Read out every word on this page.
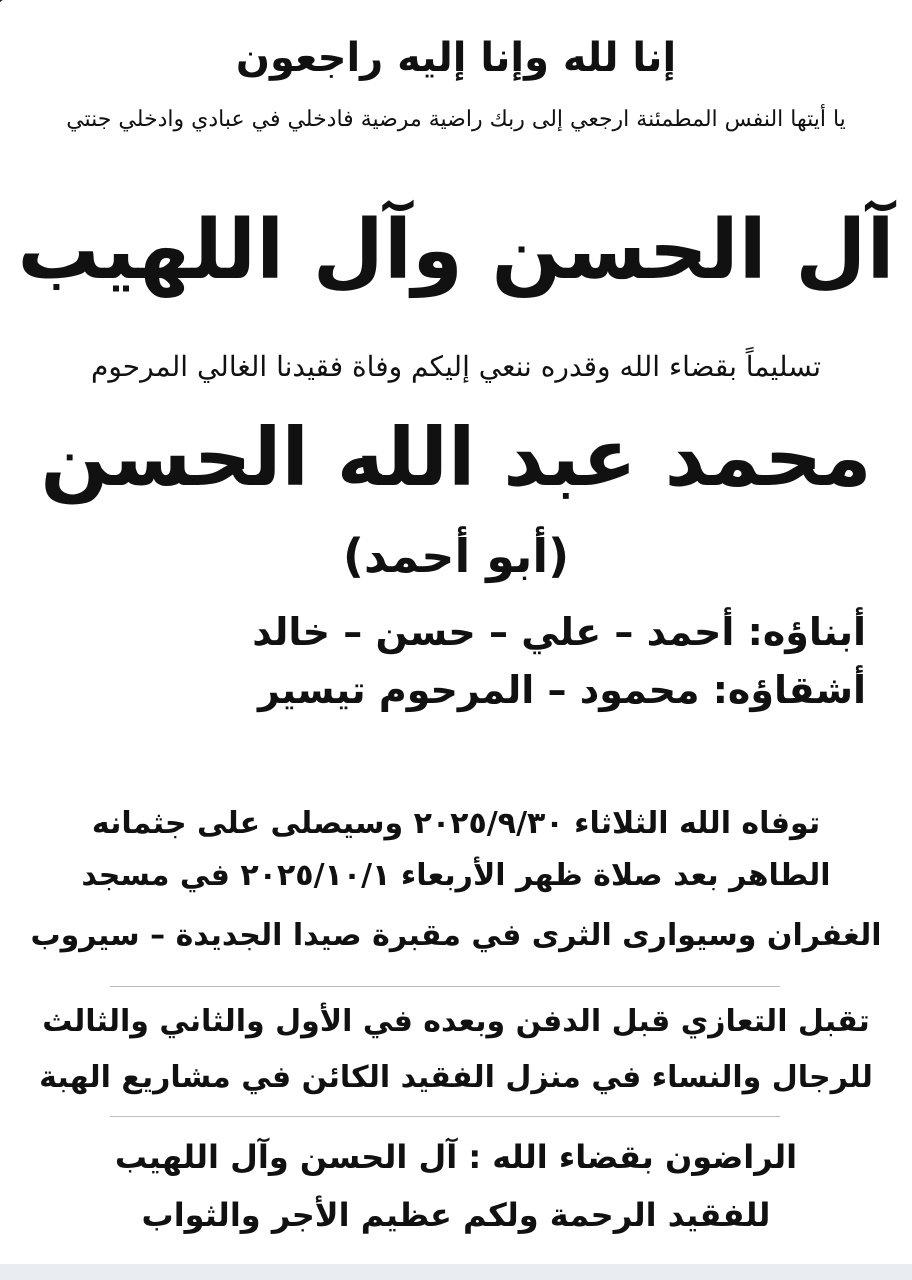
إنا لله وإنا إليه راجعون
يا أيتها النفس المطمئنة ارجعي إلى ربك راضية مرضية فادخلي في عبادي وادخلي جنتي
آل الحسن وآل اللهيب
تسليماً بقضاء الله وقدره ننعي إليكم وفاة فقيدنا الغالي المرحوم
محمد عبد الله الحسن
(أبو أحمد)
أبناؤه: أحمد – علي – حسن – خالد
أشقاؤه: محمود – المرحوم تيسير
توفاه الله الثلاثاء ٢٠٢٥/٩/٣٠ وسيصلى على جثمانه
الطاهر بعد صلاة ظهر الأربعاء ٢٠٢٥/١٠/١ في مسجد
الغفران وسيوارى الثرى في مقبرة صيدا الجديدة – سيروب
تقبل التعازي قبل الدفن وبعده في الأول والثاني والثالث
للرجال والنساء في منزل الفقيد الكائن في مشاريع الهبة
الراضون بقضاء الله : آل الحسن وآل اللهيب
للفقيد الرحمة ولكم عظيم الأجر والثواب
